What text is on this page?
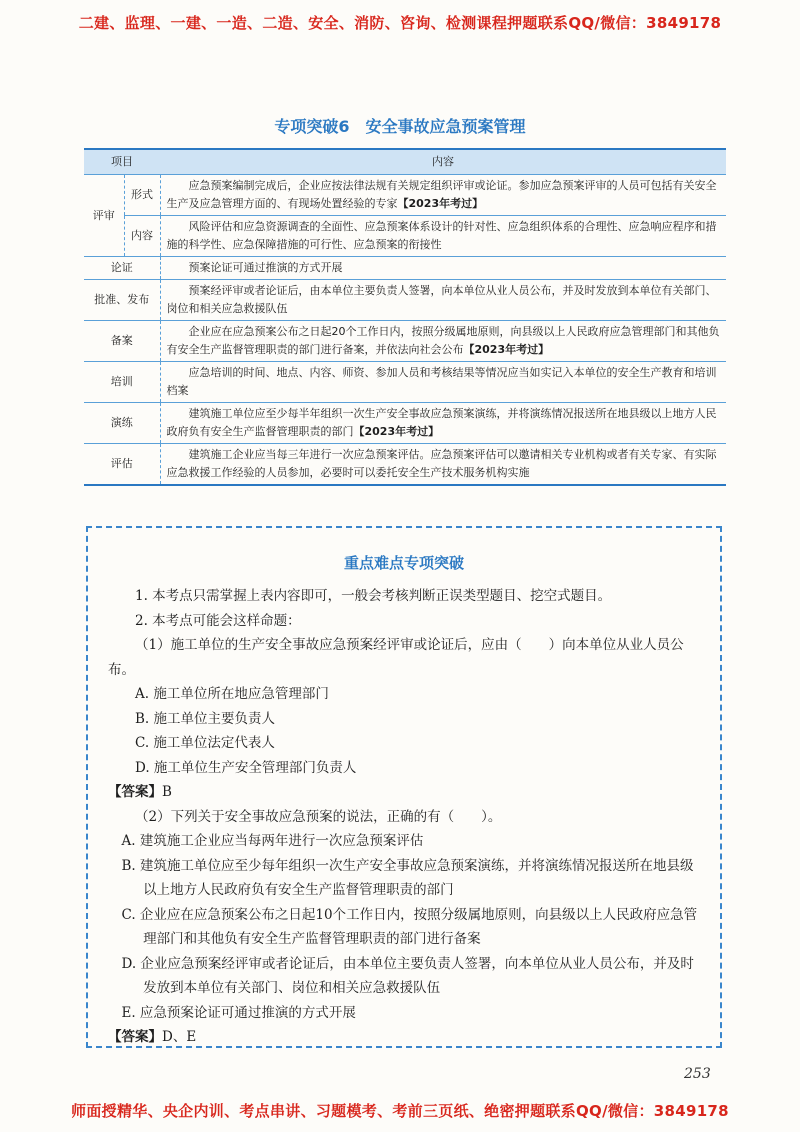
二建、监理、一建、一造、二造、安全、消防、咨询、检测课程押题联系QQ/微信：3849178
专项突破6　安全事故应急预案管理
项目		内容
评审	形式	应急预案编制完成后，企业应按法律法规有关规定组织评审或论证。参加应急预案评审的人员可包括有关安全生产及应急管理方面的、有现场处置经验的专家【2023年考过】
	内容	风险评估和应急资源调查的全面性、应急预案体系设计的针对性、应急组织体系的合理性、应急响应程序和措施的科学性、应急保障措施的可行性、应急预案的衔接性
论证		预案论证可通过推演的方式开展
批准、发布		预案经评审或者论证后，由本单位主要负责人签署，向本单位从业人员公布，并及时发放到本单位有关部门、岗位和相关应急救援队伍
备案		企业应在应急预案公布之日起20个工作日内，按照分级属地原则，向县级以上人民政府应急管理部门和其他负有安全生产监督管理职责的部门进行备案，并依法向社会公布【2023年考过】
培训		应急培训的时间、地点、内容、师资、参加人员和考核结果等情况应当如实记入本单位的安全生产教育和培训档案
演练		建筑施工单位应至少每半年组织一次生产安全事故应急预案演练，并将演练情况报送所在地县级以上地方人民政府负有安全生产监督管理职责的部门【2023年考过】
评估		建筑施工企业应当每三年进行一次应急预案评估。应急预案评估可以邀请相关专业机构或者有关专家、有实际应急救援工作经验的人员参加，必要时可以委托安全生产技术服务机构实施
重点难点专项突破

1. 本考点只需掌握上表内容即可，一般会考核判断正误类型题目、挖空式题目。

2. 本考点可能会这样命题：

（1）施工单位的生产安全事故应急预案经评审或论证后，应由（　　）向本单位从业人员公布。

A. 施工单位所在地应急管理部门

B. 施工单位主要负责人

C. 施工单位法定代表人

D. 施工单位生产安全管理部门负责人

【答案】B

（2）下列关于安全事故应急预案的说法，正确的有（　　）。

A. 建筑施工企业应当每两年进行一次应急预案评估

B. 建筑施工单位应至少每年组织一次生产安全事故应急预案演练，并将演练情况报送所在地县级以上地方人民政府负有安全生产监督管理职责的部门

C. 企业应在应急预案公布之日起10个工作日内，按照分级属地原则，向县级以上人民政府应急管理部门和其他负有安全生产监督管理职责的部门进行备案

D. 企业应急预案经评审或者论证后，由本单位主要负责人签署，向本单位从业人员公布，并及时发放到本单位有关部门、岗位和相关应急救援队伍

E. 应急预案论证可通过推演的方式开展

【答案】D、E

253
师面授精华、央企内训、考点串讲、习题模考、考前三页纸、绝密押题联系QQ/微信：3849178
